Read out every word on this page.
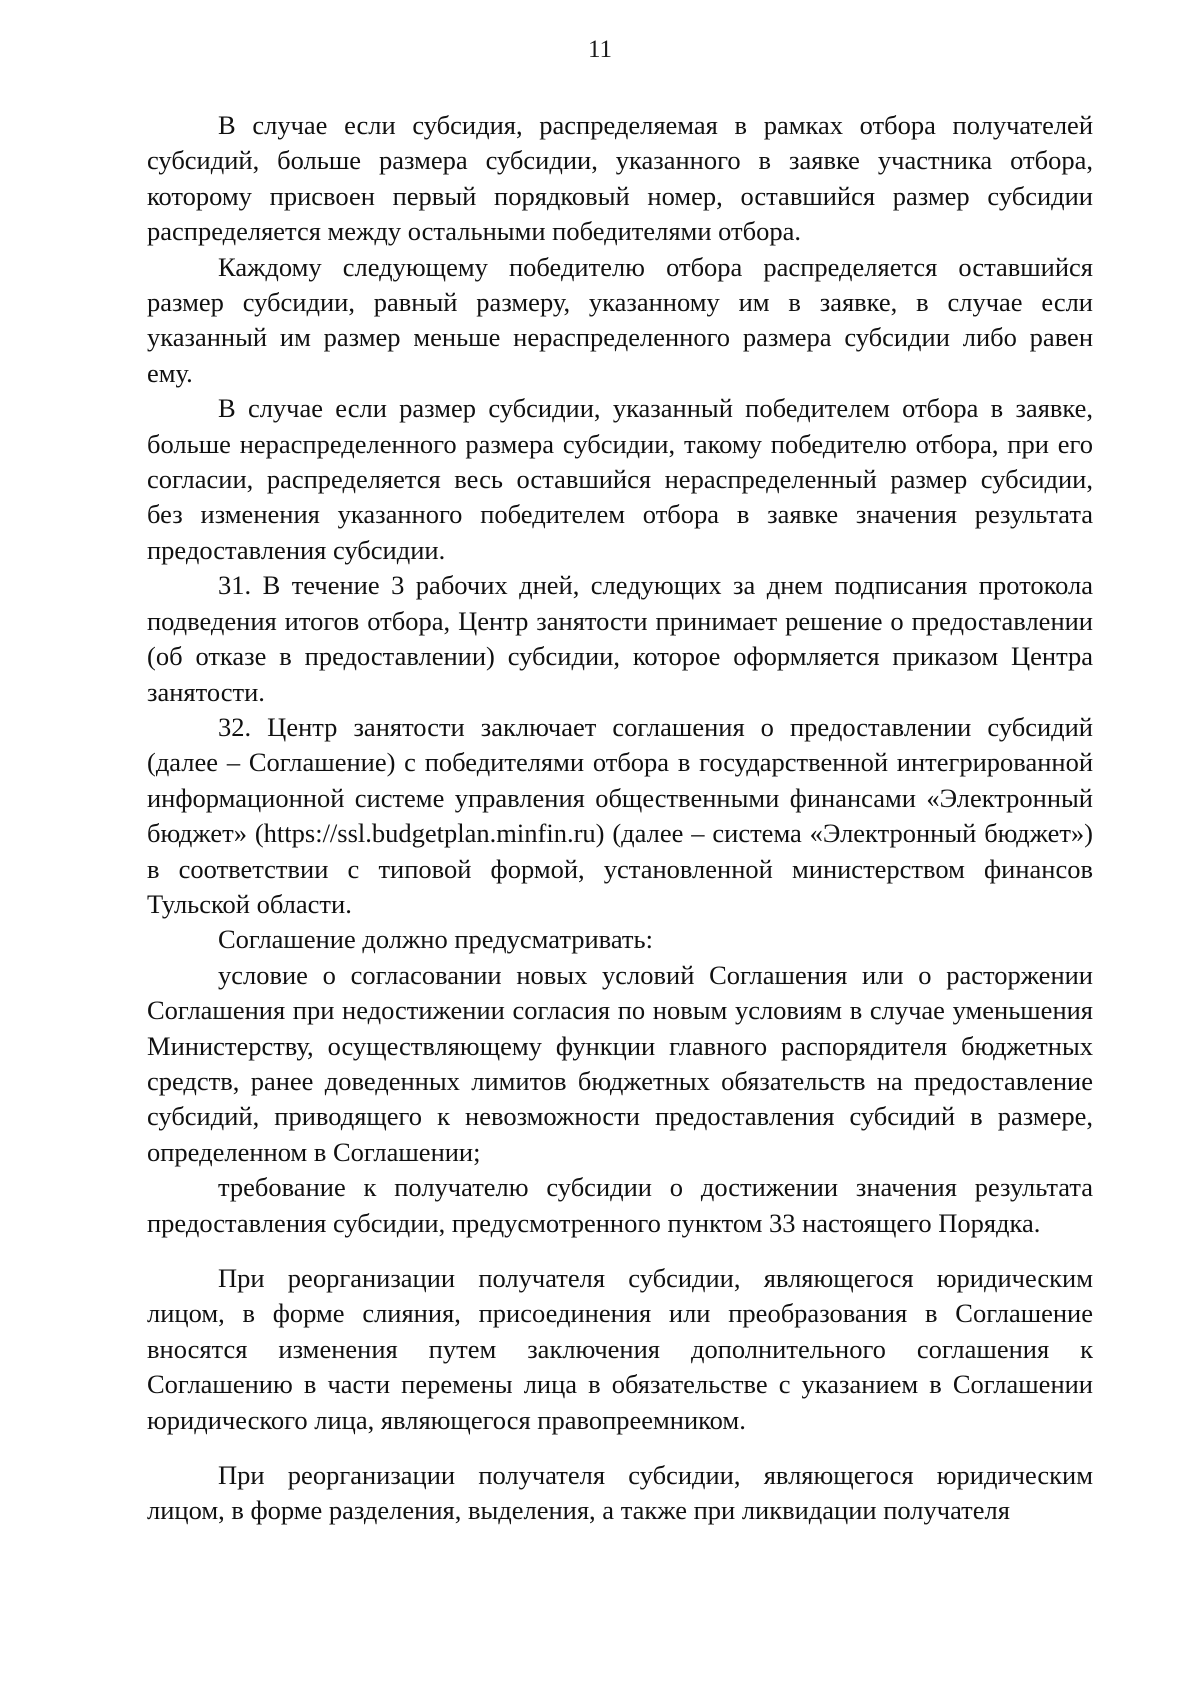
11

В случае если субсидия, распределяемая в рамках отбора получателей субсидий, больше размера субсидии, указанного в заявке участника отбора, которому присвоен первый порядковый номер, оставшийся размер субсидии распределяется между остальными победителями отбора.

Каждому следующему победителю отбора распределяется оставшийся размер субсидии, равный размеру, указанному им в заявке, в случае если указанный им размер меньше нераспределенного размера субсидии либо равен ему.

В случае если размер субсидии, указанный победителем отбора в заявке, больше нераспределенного размера субсидии, такому победителю отбора, при его согласии, распределяется весь оставшийся нераспределенный размер субсидии, без изменения указанного победителем отбора в заявке значения результата предоставления субсидии.

31. В течение 3 рабочих дней, следующих за днем подписания протокола подведения итогов отбора, Центр занятости принимает решение о предоставлении (об отказе в предоставлении) субсидии, которое оформляется приказом Центра занятости.

32. Центр занятости заключает соглашения о предоставлении субсидий (далее – Соглашение) с победителями отбора в государственной интегрированной информационной системе управления общественными финансами «Электронный бюджет» (https://ssl.budgetplan.minfin.ru) (далее – система «Электронный бюджет») в соответствии с типовой формой, установленной министерством финансов Тульской области.

Соглашение должно предусматривать:

условие о согласовании новых условий Соглашения или о расторжении Соглашения при недостижении согласия по новым условиям в случае уменьшения Министерству, осуществляющему функции главного распорядителя бюджетных средств, ранее доведенных лимитов бюджетных обязательств на предоставление субсидий, приводящего к невозможности предоставления субсидий в размере, определенном в Соглашении;

требование к получателю субсидии о достижении значения результата предоставления субсидии, предусмотренного пунктом 33 настоящего Порядка.

При реорганизации получателя субсидии, являющегося юридическим лицом, в форме слияния, присоединения или преобразования в Соглашение вносятся изменения путем заключения дополнительного соглашения к Соглашению в части перемены лица в обязательстве с указанием в Соглашении юридического лица, являющегося правопреемником.

При реорганизации получателя субсидии, являющегося юридическим лицом, в форме разделения, выделения, а также при ликвидации получателя
